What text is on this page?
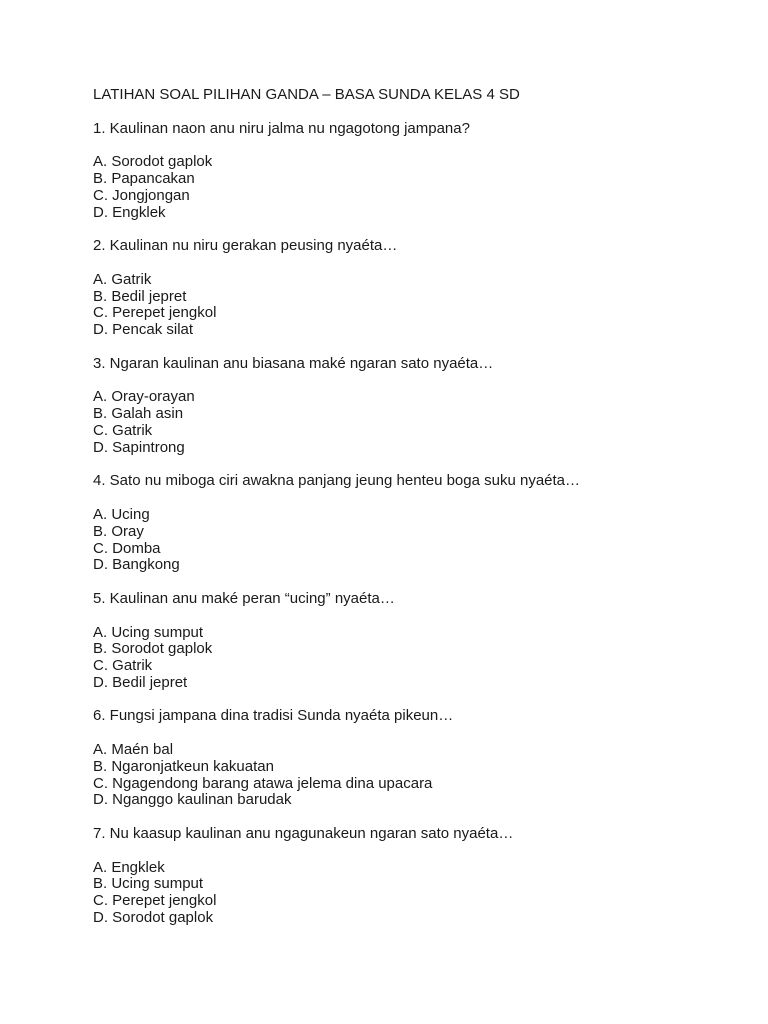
LATIHAN SOAL PILIHAN GANDA – BASA SUNDA KELAS 4 SD
1. Kaulinan naon anu niru jalma nu ngagotong jampana?
A. Sorodot gaplok
B. Papancakan
C. Jongjongan
D. Engklek
2. Kaulinan nu niru gerakan peusing nyaéta…
A. Gatrik
B. Bedil jepret
C. Perepet jengkol
D. Pencak silat
3. Ngaran kaulinan anu biasana maké ngaran sato nyaéta…
A. Oray-orayan
B. Galah asin
C. Gatrik
D. Sapintrong
4. Sato nu miboga ciri awakna panjang jeung henteu boga suku nyaéta…
A. Ucing
B. Oray
C. Domba
D. Bangkong
5. Kaulinan anu maké peran “ucing” nyaéta…
A. Ucing sumput
B. Sorodot gaplok
C. Gatrik
D. Bedil jepret
6. Fungsi jampana dina tradisi Sunda nyaéta pikeun…
A. Maén bal
B. Ngaronjatkeun kakuatan
C. Ngagendong barang atawa jelema dina upacara
D. Nganggo kaulinan barudak
7. Nu kaasup kaulinan anu ngagunakeun ngaran sato nyaéta…
A. Engklek
B. Ucing sumput
C. Perepet jengkol
D. Sorodot gaplok
